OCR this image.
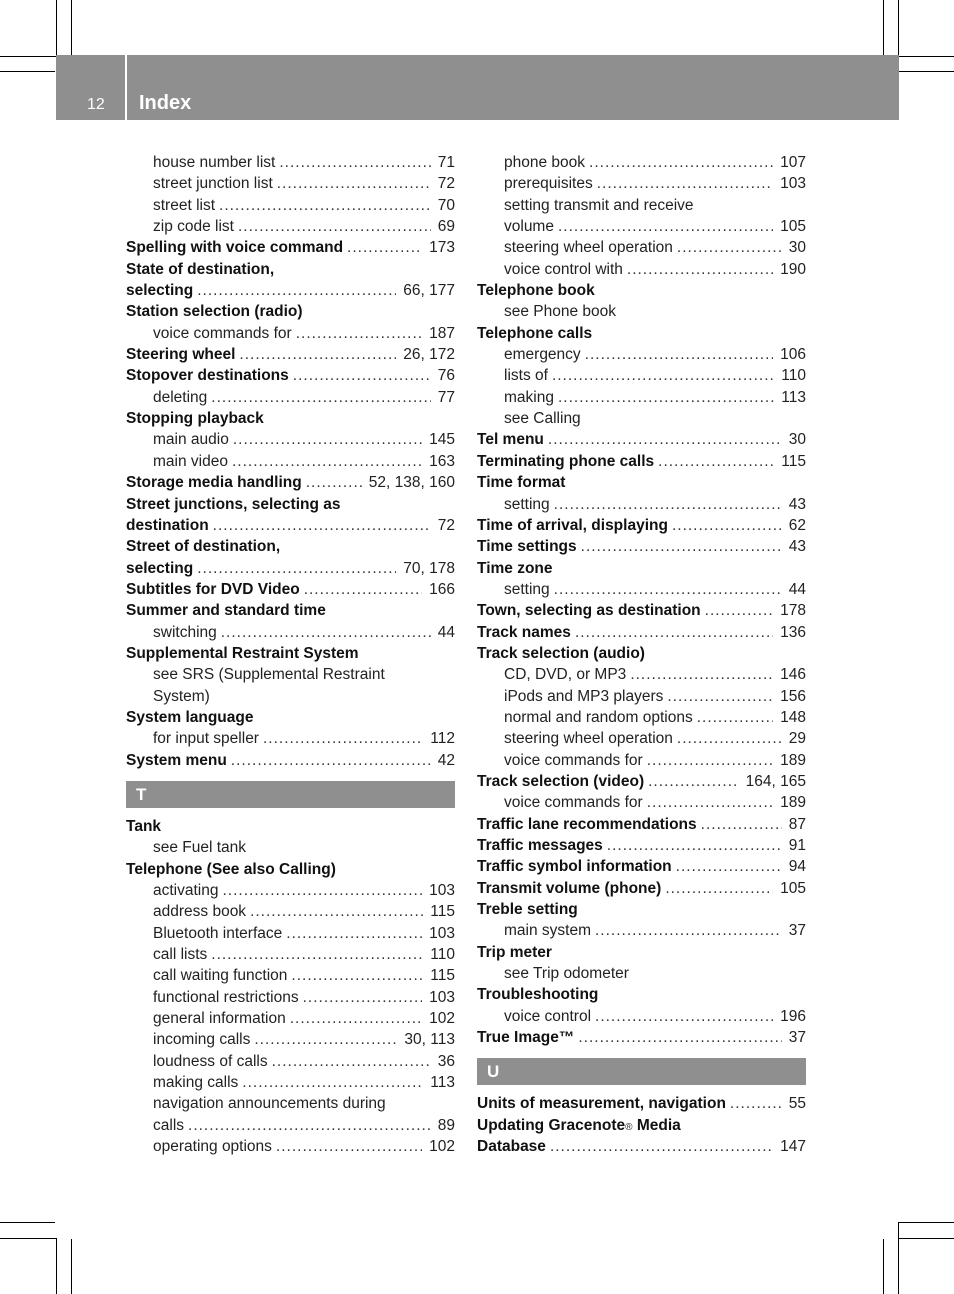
12 Index
house number list .....	71
street junction list .....	72
street list .....	70
zip code list .....	69
Spelling with voice command .....	173
State of destination,
selecting .....	66, 177
Station selection (radio)
voice commands for .....	187
Steering wheel .....	26, 172
Stopover destinations .....	76
deleting .....	77
Stopping playback
main audio .....	145
main video .....	163
Storage media handling .....	52, 138, 160
Street junctions, selecting as
destination .....	72
Street of destination,
selecting .....	70, 178
Subtitles for DVD Video .....	166
Summer and standard time
switching .....	44
Supplemental Restraint System
see SRS (Supplemental Restraint
System)
System language
for input speller .....	112
System menu .....	42
T
Tank
see Fuel tank
Telephone (See also Calling)
activating .....	103
address book .....	115
Bluetooth interface .....	103
call lists .....	110
call waiting function .....	115
functional restrictions .....	103
general information .....	102
incoming calls .....	30, 113
loudness of calls .....	36
making calls .....	113
navigation announcements during
calls .....	89
operating options .....	102
phone book .....	107
prerequisites .....	103
setting transmit and receive
volume .....	105
steering wheel operation .....	30
voice control with .....	190
Telephone book
see Phone book
Telephone calls
emergency .....	106
lists of .....	110
making .....	113
see Calling
Tel menu .....	30
Terminating phone calls .....	115
Time format
setting .....	43
Time of arrival, displaying .....	62
Time settings .....	43
Time zone
setting .....	44
Town, selecting as destination .....	178
Track names .....	136
Track selection (audio)
CD, DVD, or MP3 .....	146
iPods and MP3 players .....	156
normal and random options .....	148
steering wheel operation .....	29
voice commands for .....	189
Track selection (video) .....	164, 165
voice commands for .....	189
Traffic lane recommendations .....	87
Traffic messages .....	91
Traffic symbol information .....	94
Transmit volume (phone) .....	105
Treble setting
main system .....	37
Trip meter
see Trip odometer
Troubleshooting
voice control .....	196
True Image™ .....	37
U
Units of measurement, navigation .....	55
Updating Gracenote ® Media
Database .....	147
